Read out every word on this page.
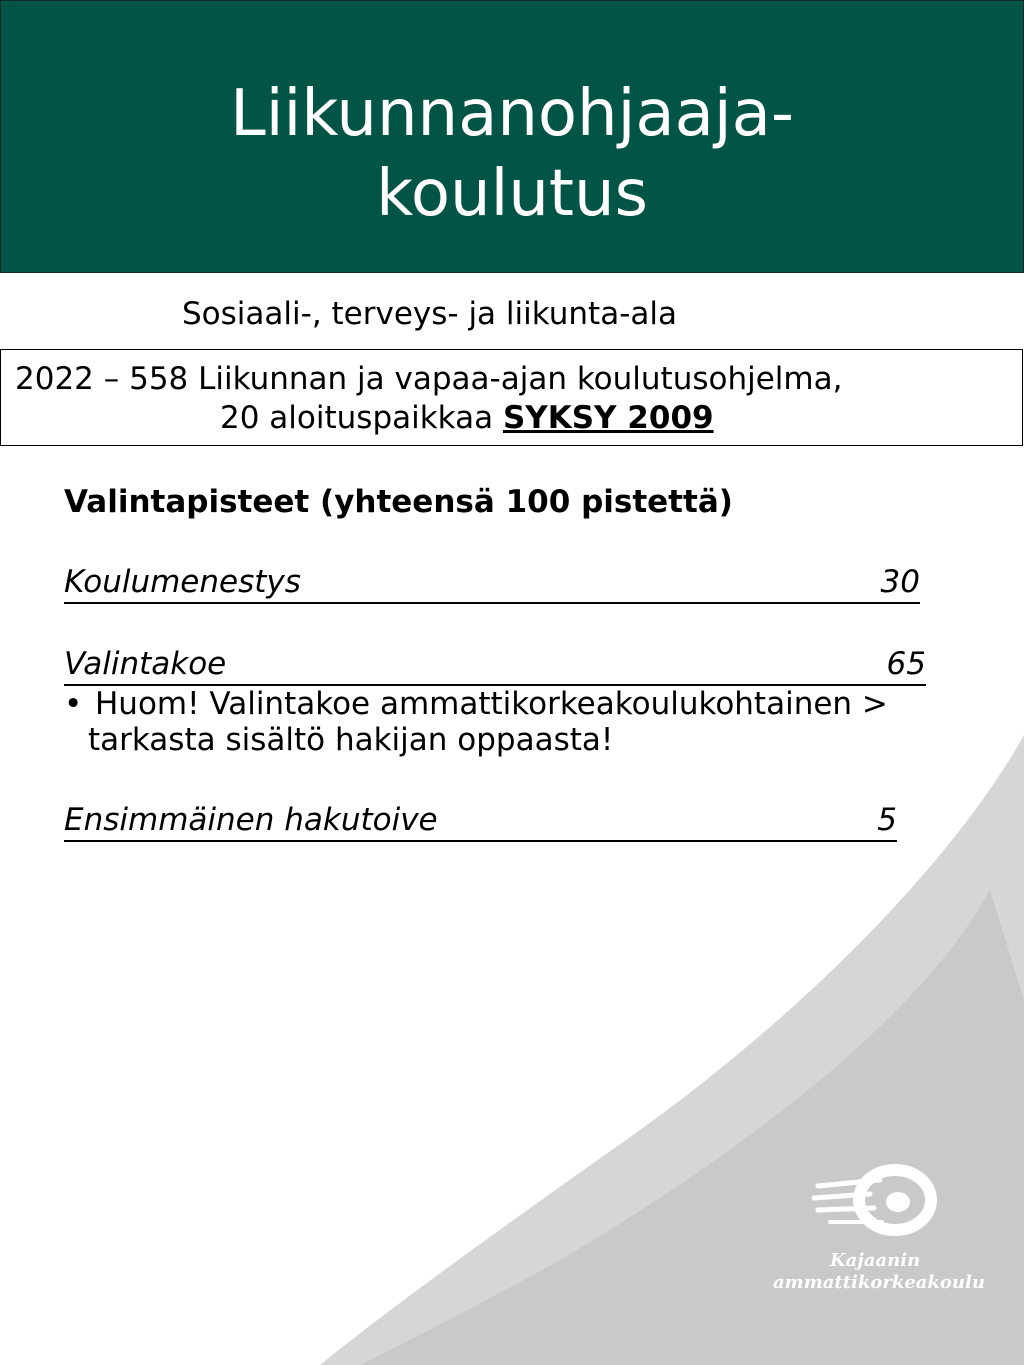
Liikunnanohjaaja-
koulutus
Sosiaali-, terveys- ja liikunta-ala
2022 – 558 Liikunnan ja vapaa-ajan koulutusohjelma,
20 aloituspaikkaa SYKSY 2009
Valintapisteet (yhteensä 100 pistettä)
Koulumenestys	30
Valintakoe	65
• Huom! Valintakoe ammattikorkeakoulukohtainen >
tarkasta sisältö hakijan oppaasta!
Ensimmäinen hakutoive	5
Kajaanin
ammattikorkeakoulu
